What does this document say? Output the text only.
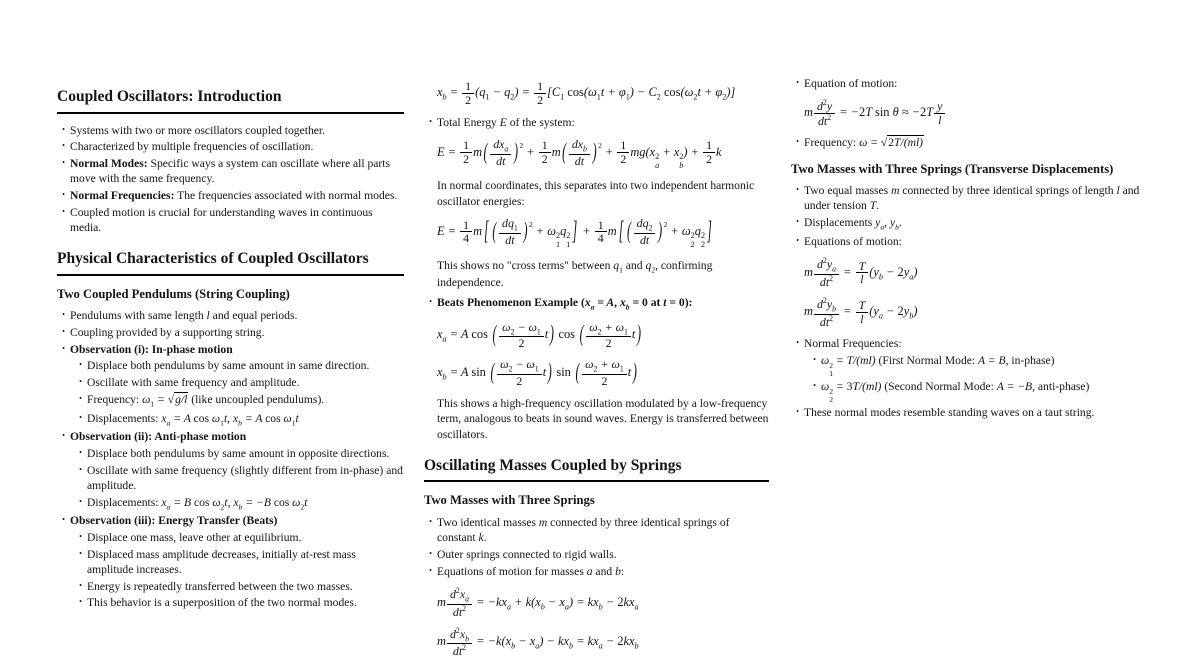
Coupled Oscillators: Introduction
• Systems with two or more oscillators coupled together.
• Characterized by multiple frequencies of oscillation.
• Normal Modes: Specific ways a system can oscillate where all parts move with the same frequency.
• Normal Frequencies: The frequencies associated with normal modes.
• Coupled motion is crucial for understanding waves in continuous media.
Physical Characteristics of Coupled Oscillators
Two Coupled Pendulums (String Coupling)
• Pendulums with same length l and equal periods.
• Coupling provided by a supporting string.
• Observation (i): In-phase motion
• Displace both pendulums by same amount in same direction.
• Oscillate with same frequency and amplitude.
• Frequency: $\omega_1 = √g/l$ (like uncoupled pendulums).
• Displacements: $x_a = A$ $\cos \omega_1t$, $x_b = A$ $\cos \omega_1t$
• Observation (ii): Anti-phase motion
• Displace both pendulums by same amount in opposite directions.
• Oscillate with same frequency (slightly different from in-phase) and amplitude.
• Displacements: $x_a = B$ $\cos \omega_2t$, $x_b = -B$ $\cos \omega_2t$
• Observation (iii): Energy Transfer (Beats)
• Displace one mass, leave other at equilibrium.
• Displaced mass amplitude decreases, initially at-rest mass amplitude increases.
• Energy is repeatedly transferred between the two masses.
• This behavior is a superposition of the two normal modes.
$x_b = \frac{1}{2} (q_1 - q_2) = \frac{1}{2} [C_1$ $\cos(\omega_1t + \varphi_1) - C_2$ $\cos(\omega_2t + \varphi_2)$]
• Total Energy E of the system:
$E = \frac{1}{2}$ m ( $dx_a$
dt ) $^2 + \frac{1}{2}$ m ( $dx_b$
dt ) $^2 + \frac{1}{2} mg(x$ 2
a
+ x 2
b
) + $\frac{1}{2}$ k
In normal coordinates, this separates into two independent harmonic oscillator energies:
$E = \frac{1}{4}$ m [ ( $\frac{dq_1}{dt}$ ) $^2$ + ω 2
1
q 2
1 ] + $\frac{1}{4}$ m [ ( $\frac{dq_2}{dt}$ ) $^2$ + ω 2
2
q 2
2 ]
This shows no "cross terms" between $q_1$ and $q_2$, confirming independence.
• Beats Phenomenon Example ($x_a = A$, $x_b = 0$ at t = 0):
$x_a = A$ cos ( $\frac{\omega_2 - \omega_1}{2}$ t ) cos ( $\frac{\omega_2 + \omega_1}{2}$ t )
$x_b = A$ sin ( $\frac{\omega_2 - \omega_1}{2}$ t ) sin ( $\frac{\omega_2 + \omega_1}{2}$ t )
This shows a high-frequency oscillation modulated by a low-frequency term, analogous to beats in sound waves. Energy is transferred between oscillators.
Oscillating Masses Coupled by Springs
Two Masses with Three Springs
• Two identical masses m connected by three identical springs of constant k.
• Outer springs connected to rigid walls.
• Equations of motion for masses a and b:
m $\frac{d^2x_a}{dt^2} = -kx_a + k(x_b - x_a) = kx_b - 2kx_a$
m $\frac{d^2x_b}{dt^2} = -k(x_b - x_a) - kx_b = kx_a - 2kx_b$
• Equation of motion:
m $\frac{d^2y}{dt^2} = -2T$ $\sin \theta \approx -2T \frac{y}{l}$
• Frequency: ω = √2T/(ml)
Two Masses with Three Springs (Transverse Displacements)
• Two equal masses m connected by three identical springs of length l and under tension T.
• Displacements $y_a$, $y_b$.
• Equations of motion:
m $\frac{d^2y_a}{dt^2} = \frac{T}{l} (y_b - 2y_a)$
m $\frac{d^2y_b}{dt^2} = \frac{T}{l} (y_a - 2y_b)$
• Normal Frequencies:
• ω 2
1
= T/(ml) (First Normal Mode: A = B, in-phase)
• ω 2
2
= 3T/(ml) (Second Normal Mode: A = −B, anti-phase)
• These normal modes resemble standing waves on a taut string.
